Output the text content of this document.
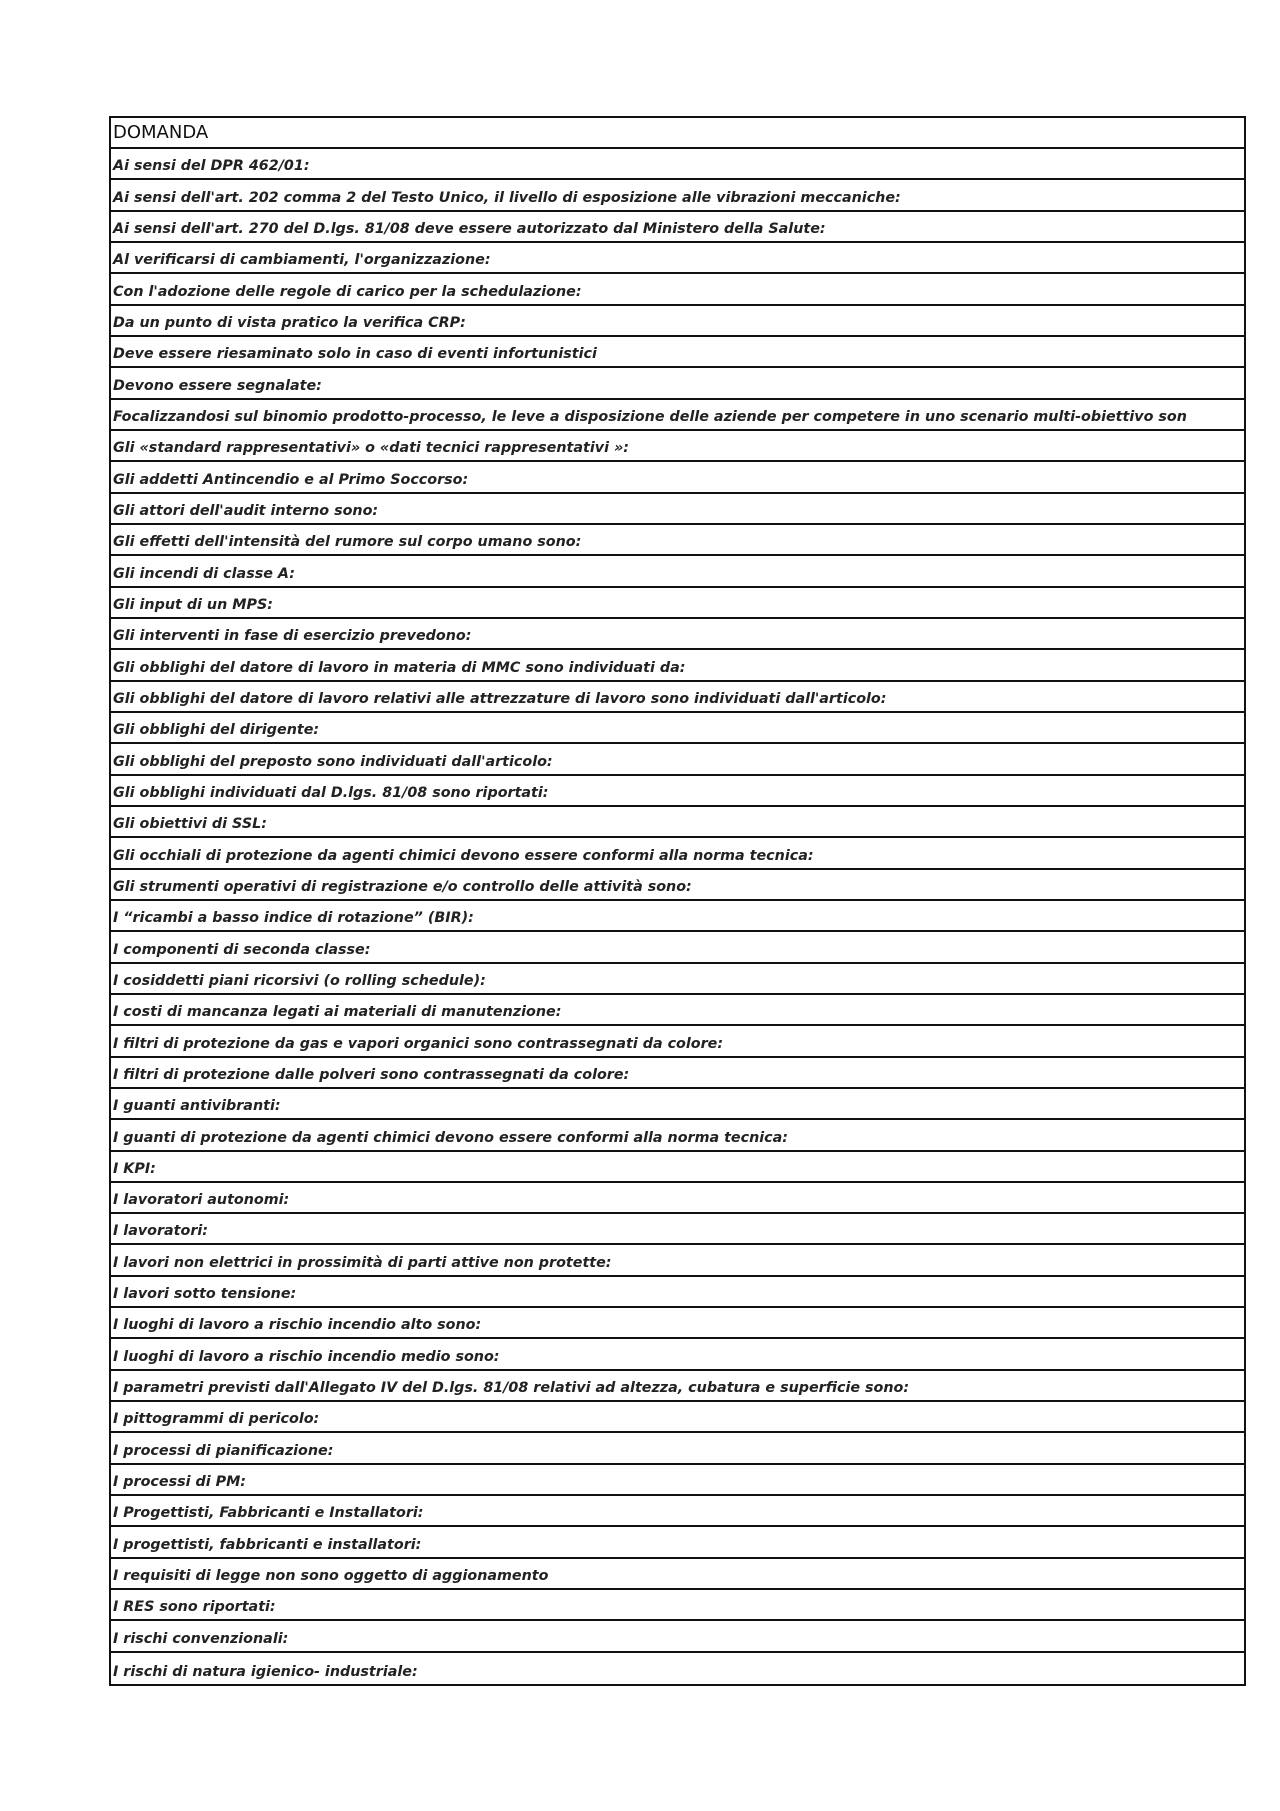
DOMANDA
Ai sensi del DPR 462/01:
Ai sensi dell'art. 202 comma 2 del Testo Unico, il livello di esposizione alle vibrazioni meccaniche:
Ai sensi dell'art. 270 del D.lgs. 81/08 deve essere autorizzato dal Ministero della Salute:
Al verificarsi di cambiamenti, l'organizzazione:
Con l'adozione delle regole di carico per la schedulazione:
Da un punto di vista pratico la verifica CRP:
Deve essere riesaminato solo in caso di eventi infortunistici
Devono essere segnalate:
Focalizzandosi sul binomio prodotto-processo, le leve a disposizione delle aziende per competere in uno scenario multi-obiettivo son
Gli «standard rappresentativi» o «dati tecnici rappresentativi »:
Gli addetti Antincendio e al Primo Soccorso:
Gli attori dell'audit interno sono:
Gli effetti dell'intensità del rumore sul corpo umano sono:
Gli incendi di classe A:
Gli input di un MPS:
Gli interventi in fase di esercizio prevedono:
Gli obblighi del datore di lavoro in materia di MMC sono individuati da:
Gli obblighi del datore di lavoro relativi alle attrezzature di lavoro sono individuati dall'articolo:
Gli obblighi del dirigente:
Gli obblighi del preposto sono individuati dall'articolo:
Gli obblighi individuati dal D.lgs. 81/08 sono riportati:
Gli obiettivi di SSL:
Gli occhiali di protezione da agenti chimici devono essere conformi alla norma tecnica:
Gli strumenti operativi di registrazione e/o controllo delle attività sono:
I “ricambi a basso indice di rotazione” (BIR):
I componenti di seconda classe:
I cosiddetti piani ricorsivi (o rolling schedule):
I costi di mancanza legati ai materiali di manutenzione:
I filtri di protezione da gas e vapori organici sono contrassegnati da colore:
I filtri di protezione dalle polveri sono contrassegnati da colore:
I guanti antivibranti:
I guanti di protezione da agenti chimici devono essere conformi alla norma tecnica:
I KPI:
I lavoratori autonomi:
I lavoratori:
I lavori non elettrici in prossimità di parti attive non protette:
I lavori sotto tensione:
I luoghi di lavoro a rischio incendio alto sono:
I luoghi di lavoro a rischio incendio medio sono:
I parametri previsti dall'Allegato IV del D.lgs. 81/08 relativi ad altezza, cubatura e superficie sono:
I pittogrammi di pericolo:
I processi di pianificazione:
I processi di PM:
I Progettisti, Fabbricanti e Installatori:
I progettisti, fabbricanti e installatori:
I requisiti di legge non sono oggetto di aggionamento
I RES sono riportati:
I rischi convenzionali:
I rischi di natura igienico- industriale:
